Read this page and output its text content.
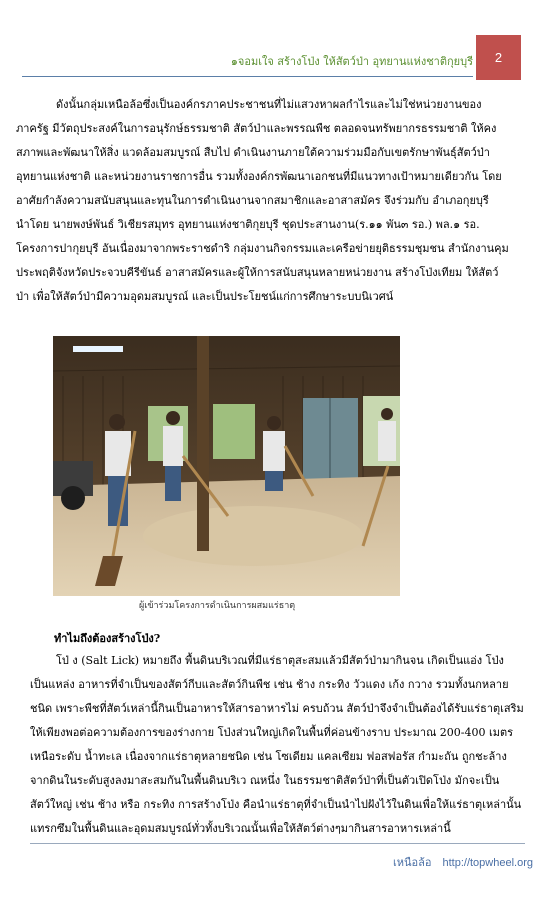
๑จอมเใจ สร้างโป่ง ให้สัตว์ป่า อุทยานแห่งชาติกุยบุรี	2
ดังนั้นกลุ่มเหนือล้อซึ่งเป็นองค์กรภาคประชาชนที่ไม่แสวงหาผลกำไรและไม่ใช่หน่วยงานของ
ภาครัฐ มีวัตถุประสงค์ในการอนุรักษ์ธรรมชาติ สัตว์ป่าและพรรณพืช ตลอดจนทรัพยากรธรรมชาติ ให้คง
สภาพและพัฒนาให้สิ่ง แวดล้อมสมบูรณ์ สืบไป ดำเนินงานภายใต้ความร่วมมือกับเขตรักษาพันธุ์สัตว์ป่า
อุทยานแห่งชาติ และหน่วยงานราชการอื่น รวมทั้งองค์กรพัฒนาเอกชนที่มีแนวทางเป้าหมายเดียวกัน โดย
อาศัยกำลังความสนับสนุนและทุนในการดำเนินงานจากสมาชิกและอาสาสมัคร จึงร่วมกับ อำเภอกุยบุรี
นำโดย นายพงษ์พันธ์ วิเชียรสมุทร อุทยานแห่งชาติกุยบุรี ชุดประสานงาน(ร.๑๑ พัน๓ รอ.) พล.๑ รอ.
โครงการปากุยบุรี อันเนื่องมาจากพระราชดำริ กลุ่มงานกิจกรรมและเครือข่ายยุติธรรมชุมชน สำนักงานคุม
ประพฤติจังหวัดประจวบคีรีขันธ์ อาสาสมัครและผู้ให้การสนับสนุนหลายหน่วยงาน สร้างโป่งเทียม ให้สัตว์
ป่า เพื่อให้สัตว์ป่ามีความอุดมสมบูรณ์ และเป็นประโยชน์แก่การศึกษาระบบนิเวศน์
ผู้เข้าร่วมโครงการดำเนินการผสมแร่ธาตุ
ทำไมถึงต้องสร้างโป่ง?
โป่ ง (Salt Lick) หมายถึง พื้นดินบริเวณที่มีแร่ธาตุสะสมแล้วมีสัตว์ป่ามากินจน เกิดเป็นแอ่ง โป่ง
เป็นแหล่ง อาหารที่จำเป็นของสัตว์กีบและสัตว์กินพืช เช่น ช้าง กระทิง วัวแดง เก้ง กวาง รวมทั้งนกหลาย
ชนิด เพราะพืชที่สัตว์เหล่านี้กินเป็นอาหารให้สารอาหารไม่ ครบถ้วน สัตว์ป่าจึงจำเป็นต้องได้รับแร่ธาตุเสริม
ให้เพียงพอต่อความต้องการของร่างกาย โป่งส่วนใหญ่เกิดในพื้นที่ค่อนข้างราบ ประมาณ 200-400 เมตร
เหนือระดับ น้ำทะเล เนื่องจากแร่ธาตุหลายชนิด เช่น โซเดียม แคลเซียม ฟอสฟอรัส กำมะถัน ถูกชะล้าง
จากดินในระดับสูงลงมาสะสมกันในพื้นดินบริเว ณหนึ่ง ในธรรมชาติสัตว์ป่าที่เป็นตัวเปิดโป่ง มักจะเป็น
สัตว์ใหญ่ เช่น ช้าง หรือ กระทิง การสร้างโป่ง คือนำแร่ธาตุที่จำเป็นนำไปฝังไว้ในดินเพื่อให้แร่ธาตุเหล่านั้น
แทรกซึมในพื้นดินและอุดมสมบูรณ์ทั่วทั้งบริเวณนั้นเพื่อให้สัตว์ต่างๆมากินสารอาหารเหล่านี้
เหนือล้อ http://topwheel.org
